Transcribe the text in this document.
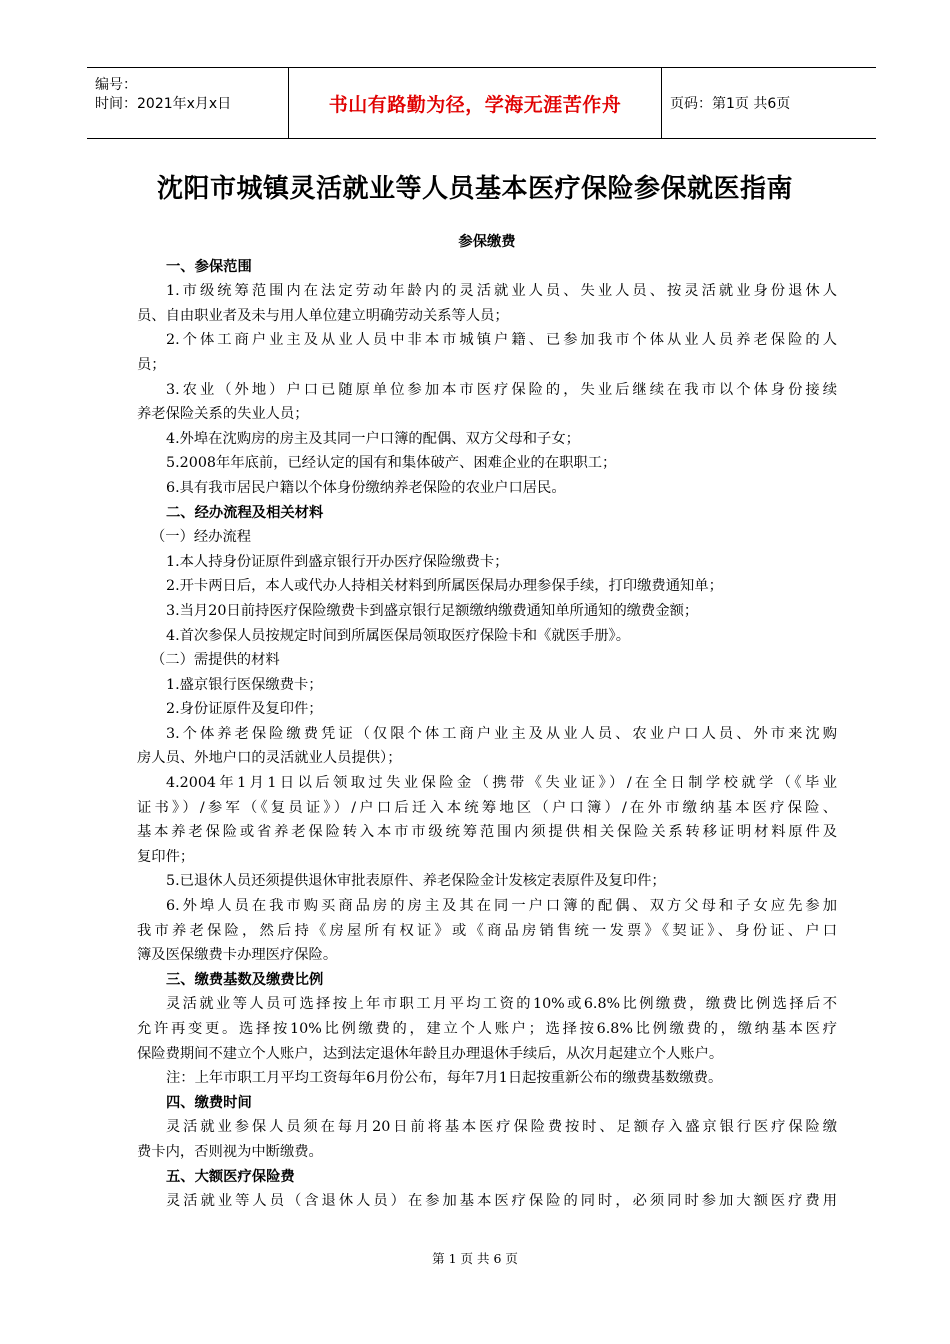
编号：
时间：2021年x月x日	书山有路勤为径，学海无涯苦作舟	页码：第1页 共6页
沈阳市城镇灵活就业等人员基本医疗保险参保就医指南
参保缴费
一、参保范围
1.市级统筹范围内在法定劳动年龄内的灵活就业人员、失业人员、按灵活就业身份退休人
员、自由职业者及未与用人单位建立明确劳动关系等人员；
2.个体工商户业主及从业人员中非本市城镇户籍、已参加我市个体从业人员养老保险的人
员；
3.农业（外地）户口已随原单位参加本市医疗保险的，失业后继续在我市以个体身份接续
养老保险关系的失业人员；
4.外埠在沈购房的房主及其同一户口簿的配偶、双方父母和子女；
5.2008年年底前，已经认定的国有和集体破产、困难企业的在职职工；
6.具有我市居民户籍以个体身份缴纳养老保险的农业户口居民。
二、经办流程及相关材料
（一）经办流程
1.本人持身份证原件到盛京银行开办医疗保险缴费卡；
2.开卡两日后，本人或代办人持相关材料到所属医保局办理参保手续，打印缴费通知单；
3.当月20日前持医疗保险缴费卡到盛京银行足额缴纳缴费通知单所通知的缴费金额；
4.首次参保人员按规定时间到所属医保局领取医疗保险卡和《就医手册》。
（二）需提供的材料
1.盛京银行医保缴费卡；
2.身份证原件及复印件；
3.个体养老保险缴费凭证（仅限个体工商户业主及从业人员、农业户口人员、外市来沈购
房人员、外地户口的灵活就业人员提供）；
4.2004年1月1日以后领取过失业保险金（携带《失业证》）/在全日制学校就学（《毕业
证书》）/参军（《复员证》）/户口后迁入本统筹地区（户口簿）/在外市缴纳基本医疗保险、
基本养老保险或省养老保险转入本市市级统筹范围内须提供相关保险关系转移证明材料原件及
复印件；
5.已退休人员还须提供退休审批表原件、养老保险金计发核定表原件及复印件；
6.外埠人员在我市购买商品房的房主及其在同一户口簿的配偶、双方父母和子女应先参加
我市养老保险，然后持《房屋所有权证》或《商品房销售统一发票》《契证》、身份证、户口
簿及医保缴费卡办理医疗保险。
三、缴费基数及缴费比例
灵活就业等人员可选择按上年市职工月平均工资的10%或6.8%比例缴费，缴费比例选择后不
允许再变更。选择按10%比例缴费的，建立个人账户；选择按6.8%比例缴费的，缴纳基本医疗
保险费期间不建立个人账户，达到法定退休年龄且办理退休手续后，从次月起建立个人账户。
注：上年市职工月平均工资每年6月份公布，每年7月1日起按重新公布的缴费基数缴费。
四、缴费时间
灵活就业参保人员须在每月20日前将基本医疗保险费按时、足额存入盛京银行医疗保险缴
费卡内，否则视为中断缴费。
五、大额医疗保险费
灵活就业等人员（含退休人员）在参加基本医疗保险的同时，必须同时参加大额医疗费用
第 1 页 共 6 页
